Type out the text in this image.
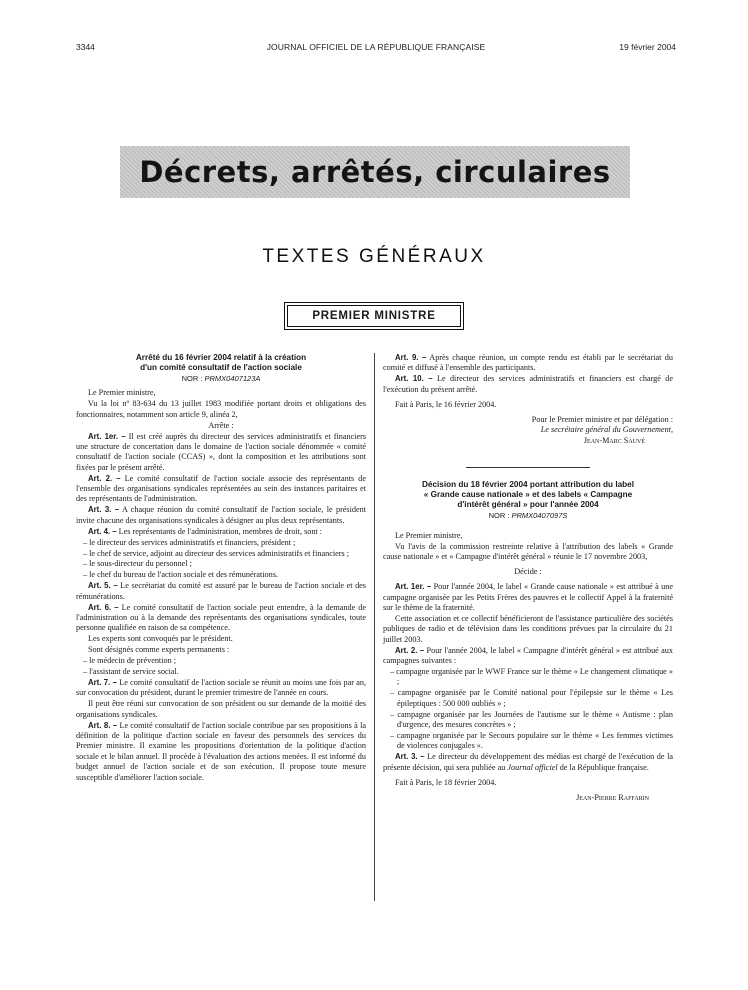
3344	JOURNAL OFFICIEL DE LA RÉPUBLIQUE FRANÇAISE	19 février 2004
Décrets, arrêtés, circulaires
TEXTES GÉNÉRAUX
PREMIER MINISTRE
Arrêté du 16 février 2004 relatif à la création
d'un comité consultatif de l'action sociale
NOR : PRMX0407123A

Le Premier ministre,

Vu la loi nº 83-634 du 13 juillet 1983 modifiée portant droits et obligations des fonctionnaires, notamment son article 9, alinéa 2,

Arrête :

Art. 1er. – Il est créé auprès du directeur des services administratifs et financiers une structure de concertation dans le domaine de l'action sociale dénommée « comité consultatif de l'action sociale (CCAS) », dont la composition et les attributions sont fixées par le présent arrêté.

Art. 2. – Le comité consultatif de l'action sociale associe des représentants de l'ensemble des organisations syndicales représentées au sein des instances paritaires et des représentants de l'administration.

Art. 3. – A chaque réunion du comité consultatif de l'action sociale, le président invite chacune des organisations syndicales à désigner au plus deux représentants.

Art. 4. – Les représentants de l'administration, membres de droit, sont :

– le directeur des services administratifs et financiers, président ;

– le chef de service, adjoint au directeur des services administratifs et financiers ;

– le sous-directeur du personnel ;

– le chef du bureau de l'action sociale et des rémunérations.

Art. 5. – Le secrétariat du comité est assuré par le bureau de l'action sociale et des rémunérations.

Art. 6. – Le comité consultatif de l'action sociale peut entendre, à la demande de l'administration ou à la demande des représentants des organisations syndicales, toute personne qualifiée en raison de sa compétence.

Les experts sont convoqués par le président.

Sont désignés comme experts permanents :

– le médecin de prévention ;

– l'assistant de service social.

Art. 7. – Le comité consultatif de l'action sociale se réunit au moins une fois par an, sur convocation du président, durant le premier trimestre de l'année en cours.

Il peut être réuni sur convocation de son président ou sur demande de la moitié des organisations syndicales.

Art. 8. – Le comité consultatif de l'action sociale contribue par ses propositions à la définition de la politique d'action sociale en faveur des personnels des services du Premier ministre. Il examine les propositions d'orientation de la politique d'action sociale et le bilan annuel. Il procède à l'évaluation des actions menées. Il est informé du budget annuel de l'action sociale et de son exécution. Il propose toute mesure susceptible d'améliorer l'action sociale.

Art. 9. – Après chaque réunion, un compte rendu est établi par le secrétariat du comité et diffusé à l'ensemble des participants.

Art. 10. – Le directeur des services administratifs et financiers est chargé de l'exécution du présent arrêté.

Fait à Paris, le 16 février 2004.

Pour le Premier ministre et par délégation :

Le secrétaire général du Gouvernement,

Jean-Marc Sauvé

Décision du 18 février 2004 portant attribution du label
« Grande cause nationale » et des labels « Campagne
d'intérêt général » pour l'année 2004
NOR : PRMX0407097S

Le Premier ministre,

Vu l'avis de la commission restreinte relative à l'attribution des labels « Grande cause nationale » et « Campagne d'intérêt général » réunie le 17 novembre 2003,

Décide :

Art. 1er. – Pour l'année 2004, le label « Grande cause nationale » est attribué à une campagne organisée par les Petits Frères des pauvres et le collectif Appel à la fraternité sur le thème de la fraternité.

Cette association et ce collectif bénéficieront de l'assistance particulière des sociétés publiques de radio et de télévision dans les conditions prévues par la circulaire du 21 juillet 2003.

Art. 2. – Pour l'année 2004, le label « Campagne d'intérêt général » est attribué aux campagnes suivantes :

– campagne organisée par le WWF France sur le thème « Le changement climatique » ;

– campagne organisée par le Comité national pour l'épilepsie sur le thème « Les épileptiques : 500 000 oubliés » ;

– campagne organisée par les Journées de l'autisme sur le thème « Autisme : plan d'urgence, des mesures concrètes » ;

– campagne organisée par le Secours populaire sur le thème « Les femmes victimes de violences conjugales ».

Art. 3. – Le directeur du développement des médias est chargé de l'exécution de la présente décision, qui sera publiée au Journal officiel de la République française.

Fait à Paris, le 18 février 2004.

Jean-Pierre Raffarin
